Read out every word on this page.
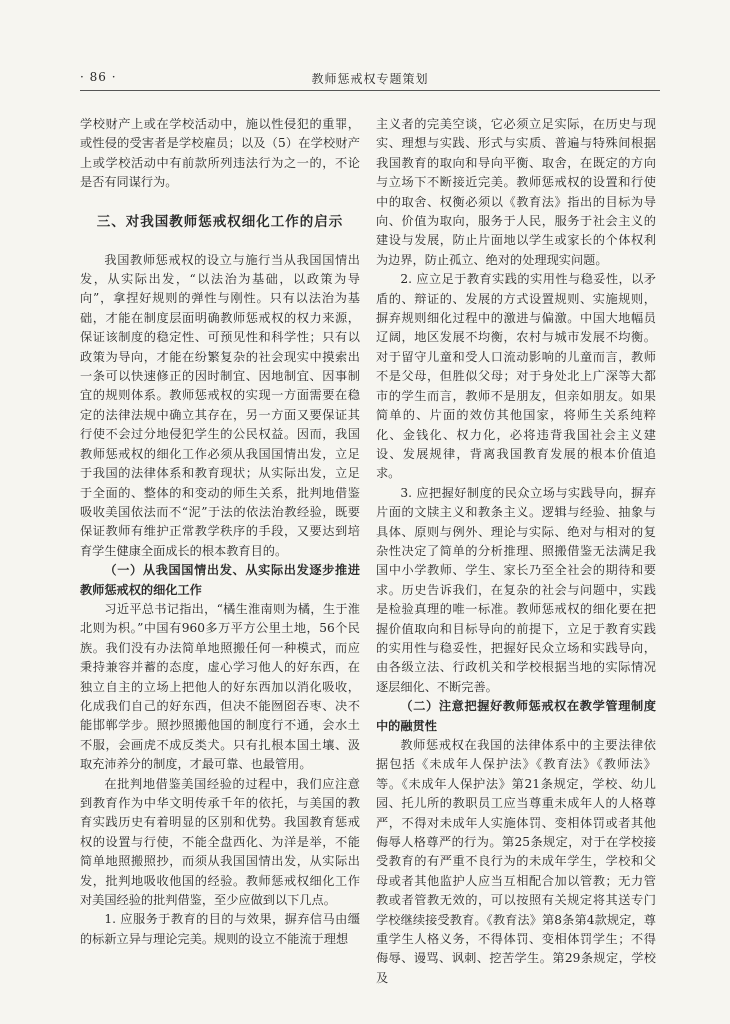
· 86 ·	教师惩戒权专题策划

学校财产上或在学校活动中，施以性侵犯的重罪，或性侵的受害者是学校雇员；以及（5）在学校财产上或学校活动中有前款所列违法行为之一的，不论是否有同谋行为。

三、对我国教师惩戒权细化工作的启示

我国教师惩戒权的设立与施行当从我国国情出发，从实际出发，“以法治为基础，以政策为导向”，拿捏好规则的弹性与刚性。只有以法治为基础，才能在制度层面明确教师惩戒权的权力来源，保证该制度的稳定性、可预见性和科学性；只有以政策为导向，才能在纷繁复杂的社会现实中摸索出一条可以快速修正的因时制宜、因地制宜、因事制宜的规则体系。教师惩戒权的实现一方面需要在稳定的法律法规中确立其存在，另一方面又要保证其行使不会过分地侵犯学生的公民权益。因而，我国教师惩戒权的细化工作必须从我国国情出发，立足于我国的法律体系和教育现状；从实际出发，立足于全面的、整体的和变动的师生关系，批判地借鉴吸收美国依法而不“泥”于法的依法治教经验，既要保证教师有维护正常教学秩序的手段，又要达到培育学生健康全面成长的根本教育目的。

（一）从我国国情出发、从实际出发逐步推进教师惩戒权的细化工作

习近平总书记指出，“橘生淮南则为橘，生于淮北则为枳。”中国有960多万平方公里土地，56个民族。我们没有办法简单地照搬任何一种模式，而应秉持兼容并蓄的态度，虚心学习他人的好东西，在独立自主的立场上把他人的好东西加以消化吸收，化成我们自己的好东西，但决不能囫囵吞枣、决不能邯郸学步。照抄照搬他国的制度行不通，会水土不服，会画虎不成反类犬。只有扎根本国土壤、汲取充沛养分的制度，才最可靠、也最管用。

在批判地借鉴美国经验的过程中，我们应注意到教育作为中华文明传承千年的依托，与美国的教育实践历史有着明显的区别和优势。我国教育惩戒权的设置与行使，不能全盘西化、为洋是举，不能简单地照搬照抄，而须从我国国情出发，从实际出发，批判地吸收他国的经验。教师惩戒权细化工作对美国经验的批判借鉴，至少应做到以下几点。

1. 应服务于教育的目的与效果，摒弃信马由缰的标新立异与理论完美。规则的设立不能流于理想

主义者的完美空谈，它必须立足实际，在历史与现实、理想与实践、形式与实质、普遍与特殊间根据我国教育的取向和导向平衡、取舍，在既定的方向与立场下不断接近完美。教师惩戒权的设置和行使中的取舍、权衡必须以《教育法》指出的目标为导向、价值为取向，服务于人民，服务于社会主义的建设与发展，防止片面地以学生或家长的个体权利为边界，防止孤立、绝对的处理现实问题。

2. 应立足于教育实践的实用性与稳妥性，以矛盾的、辩证的、发展的方式设置规则、实施规则，摒弃规则细化过程中的激进与偏激。中国大地幅员辽阔，地区发展不均衡，农村与城市发展不均衡。对于留守儿童和受人口流动影响的儿童而言，教师不是父母，但胜似父母；对于身处北上广深等大都市的学生而言，教师不是朋友，但亲如朋友。如果简单的、片面的效仿其他国家，将师生关系纯粹化、金钱化、权力化，必将违背我国社会主义建设、发展规律，背离我国教育发展的根本价值追求。

3. 应把握好制度的民众立场与实践导向，摒弃片面的文牍主义和教条主义。逻辑与经验、抽象与具体、原则与例外、理论与实际、绝对与相对的复杂性决定了简单的分析推理、照搬借鉴无法满足我国中小学教师、学生、家长乃至全社会的期待和要求。历史告诉我们，在复杂的社会与问题中，实践是检验真理的唯一标准。教师惩戒权的细化要在把握价值取向和目标导向的前提下，立足于教育实践的实用性与稳妥性，把握好民众立场和实践导向，由各级立法、行政机关和学校根据当地的实际情况逐层细化、不断完善。

（二）注意把握好教师惩戒权在教学管理制度中的融贯性

教师惩戒权在我国的法律体系中的主要法律依据包括《未成年人保护法》《教育法》《教师法》等。《未成年人保护法》第21条规定，学校、幼儿园、托儿所的教职员工应当尊重未成年人的人格尊严，不得对未成年人实施体罚、变相体罚或者其他侮辱人格尊严的行为。第25条规定，对于在学校接受教育的有严重不良行为的未成年学生，学校和父母或者其他监护人应当互相配合加以管教；无力管教或者管教无效的，可以按照有关规定将其送专门学校继续接受教育。《教育法》第8条第4款规定，尊重学生人格义务，不得体罚、变相体罚学生；不得侮辱、谩骂、讽刺、挖苦学生。第29条规定，学校及
